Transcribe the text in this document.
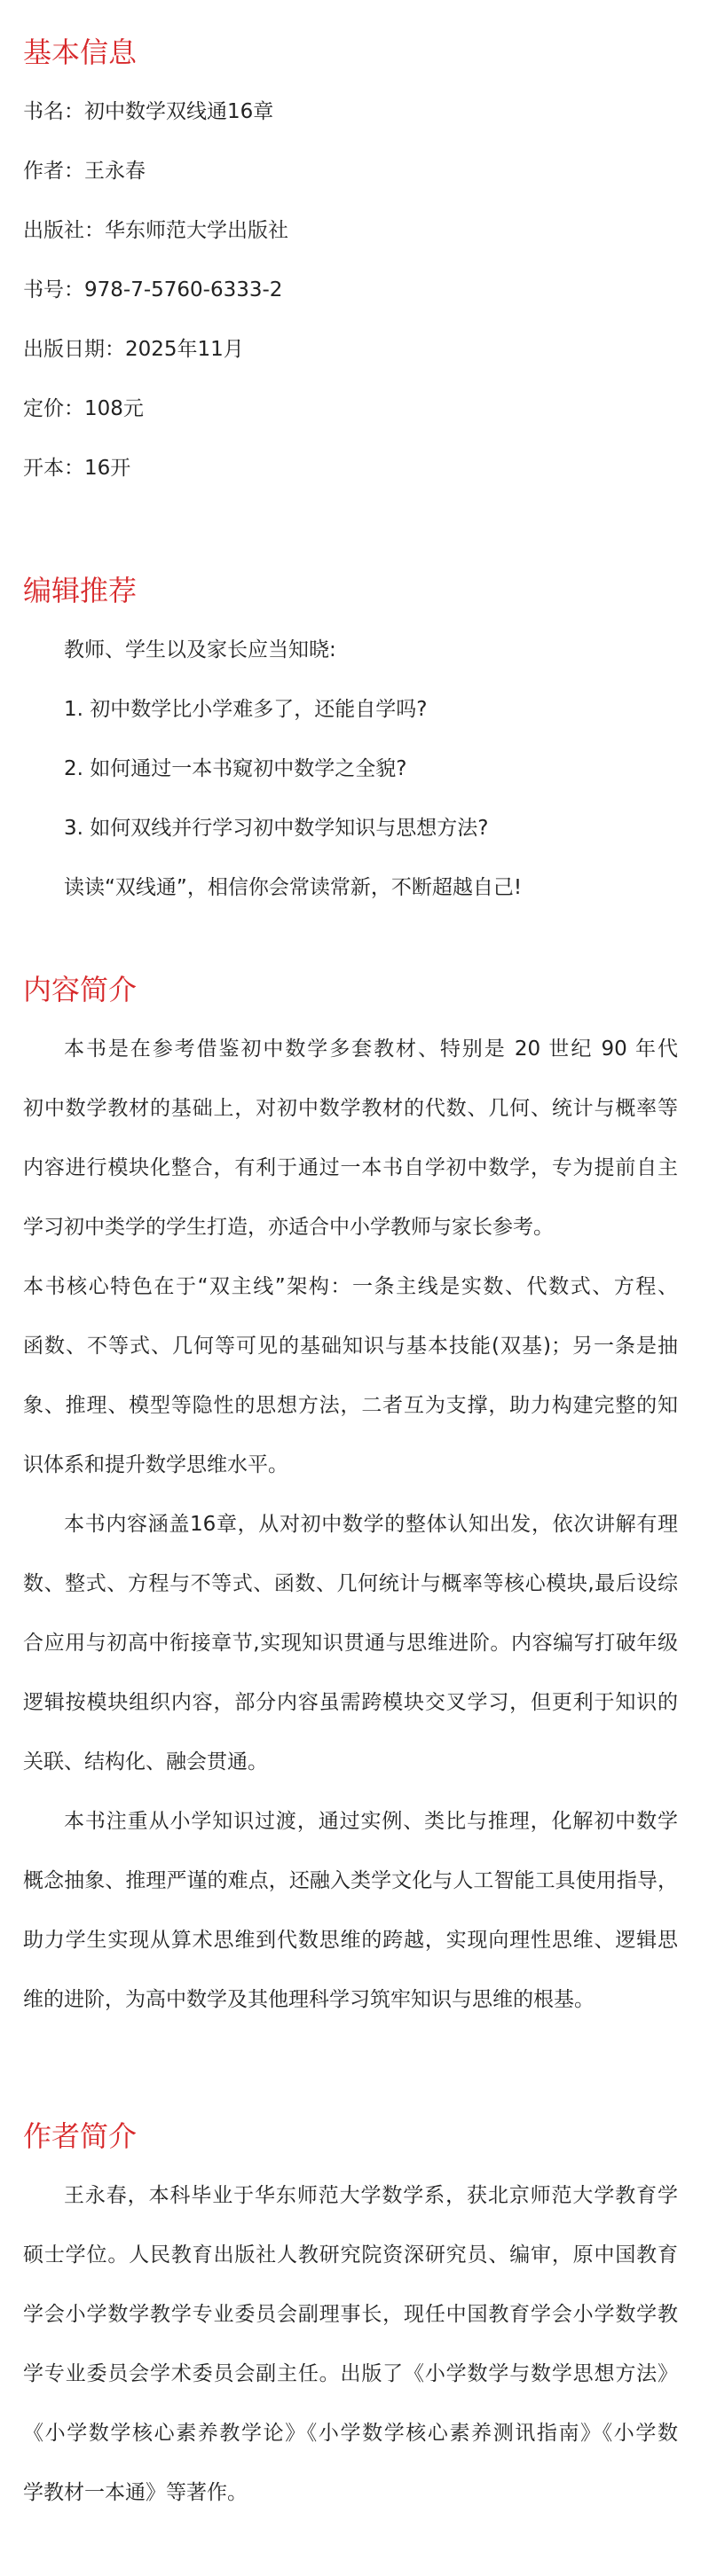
基本信息

书名：初中数学双线通16章

作者：王永春

出版社：华东师范大学出版社

书号：978-7-5760-6333-2

出版日期：2025年11月

定价：108元

开本：16开

编辑推荐

教师、学生以及家长应当知晓:

1. 初中数学比小学难多了，还能自学吗?

2. 如何通过一本书窥初中数学之全貌?

3. 如何双线并行学习初中数学知识与思想方法?

读读“双线通”，相信你会常读常新，不断超越自己!

内容简介

本书是在参考借鉴初中数学多套教材、特别是 20 世纪 90 年代

初中数学教材的基础上，对初中数学教材的代数、几何、统计与概率等

内容进行模块化整合，有利于通过一本书自学初中数学，专为提前自主

学习初中类学的学生打造，亦适合中小学教师与家长参考。

本书核心特色在于“双主线”架构：一条主线是实数、代数式、方程、

函数、不等式、几何等可见的基础知识与基本技能(双基)；另一条是抽

象、推理、模型等隐性的思想方法，二者互为支撑，助力构建完整的知

识体系和提升数学思维水平。

本书内容涵盖16章，从对初中数学的整体认知出发，依次讲解有理

数、整式、方程与不等式、函数、几何统计与概率等核心模块,最后设综

合应用与初高中衔接章节,实现知识贯通与思维进阶。内容编写打破年级

逻辑按模块组织内容，部分内容虽需跨模块交叉学习，但更利于知识的

关联、结构化、融会贯通。

本书注重从小学知识过渡，通过实例、类比与推理，化解初中数学

概念抽象、推理严谨的难点，还融入类学文化与人工智能工具使用指导，

助力学生实现从算术思维到代数思维的跨越，实现向理性思维、逻辑思

维的进阶，为高中数学及其他理科学习筑牢知识与思维的根基。

作者简介

王永春，本科毕业于华东师范大学数学系，获北京师范大学教育学

硕士学位。人民教育出版社人教研究院资深研究员、编审，原中国教育

学会小学数学教学专业委员会副理事长，现任中国教育学会小学数学教

学专业委员会学术委员会副主任。出版了《小学数学与数学思想方法》

《小学数学核心素养教学论》《小学数学核心素养测讯指南》《小学数

学教材一本通》等著作。
